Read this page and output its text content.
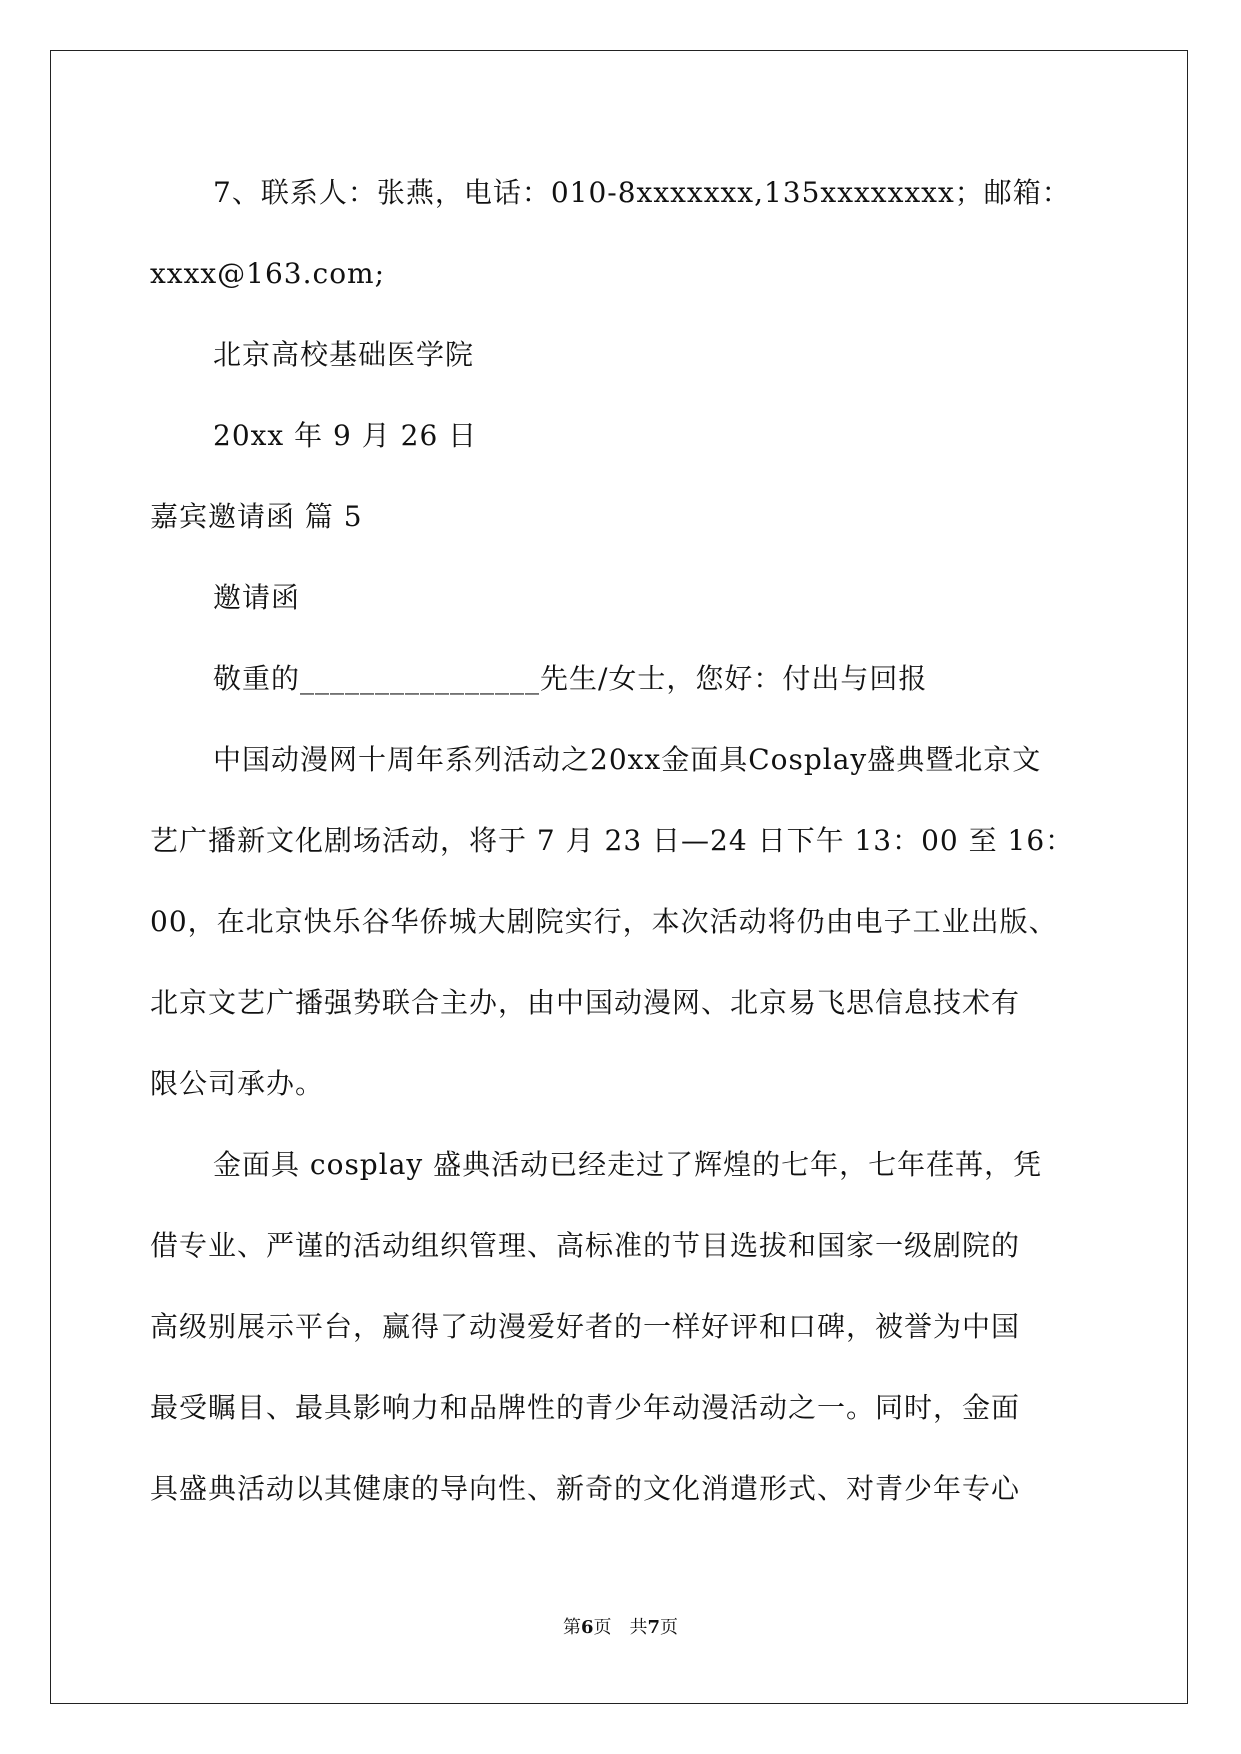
7、联系人：张燕，电话：010-8xxxxxxx,135xxxxxxxx；邮箱：
xxxx@163.com;
北京高校基础医学院
20xx 年 9 月 26 日
嘉宾邀请函 篇 5
邀请函
敬重的________________先生/女士，您好：付出与回报
中国动漫网十周年系列活动之20xx金面具Cosplay盛典暨北京文
艺广播新文化剧场活动，将于 7 月 23 日—24 日下午 13：00 至 16：
00，在北京快乐谷华侨城大剧院实行，本次活动将仍由电子工业出版、
北京文艺广播强势联合主办，由中国动漫网、北京易飞思信息技术有
限公司承办。
金面具 cosplay 盛典活动已经走过了辉煌的七年，七年荏苒，凭
借专业、严谨的活动组织管理、高标准的节目选拔和国家一级剧院的
高级别展示平台，赢得了动漫爱好者的一样好评和口碑，被誉为中国
最受瞩目、最具影响力和品牌性的青少年动漫活动之一。同时，金面
具盛典活动以其健康的导向性、新奇的文化消遣形式、对青少年专心
第6页　共7页
